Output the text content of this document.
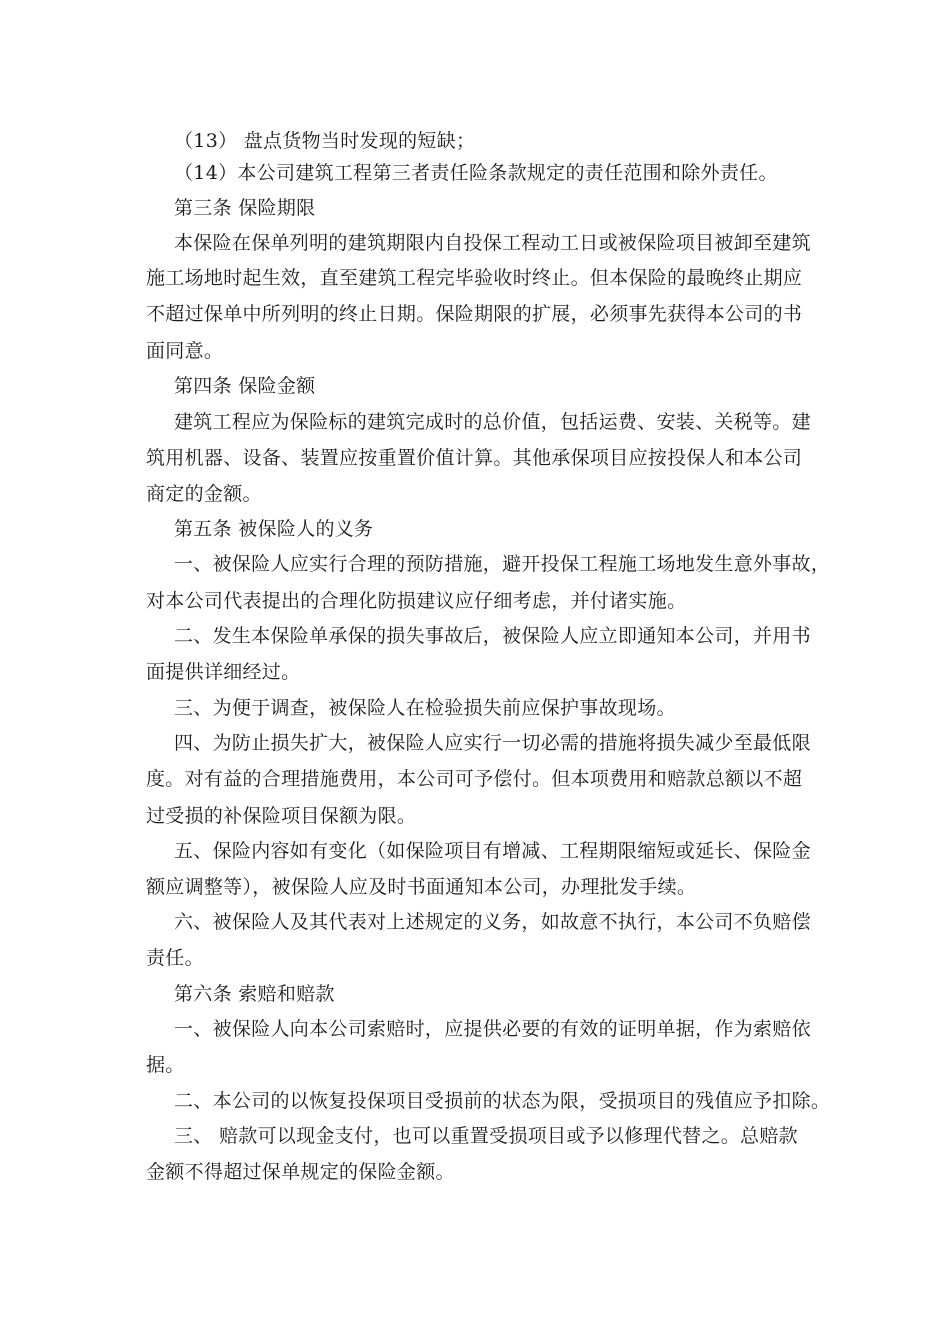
（13） 盘点货物当时发现的短缺；
（14）本公司建筑工程第三者责任险条款规定的责任范围和除外责任。
第三条 保险期限
本保险在保单列明的建筑期限内自投保工程动工日或被保险项目被卸至建筑
施工场地时起生效，直至建筑工程完毕验收时终止。但本保险的最晚终止期应
不超过保单中所列明的终止日期。保险期限的扩展，必须事先获得本公司的书
面同意。
第四条 保险金额
建筑工程应为保险标的建筑完成时的总价值，包括运费、安装、关税等。建
筑用机器、设备、装置应按重置价值计算。其他承保项目应按投保人和本公司
商定的金额。
第五条 被保险人的义务
一、被保险人应实行合理的预防措施，避开投保工程施工场地发生意外事故，
对本公司代表提出的合理化防损建议应仔细考虑，并付诸实施。
二、发生本保险单承保的损失事故后，被保险人应立即通知本公司，并用书
面提供详细经过。
三、为便于调查，被保险人在检验损失前应保护事故现场。
四、为防止损失扩大，被保险人应实行一切必需的措施将损失减少至最低限
度。对有益的合理措施费用，本公司可予偿付。但本项费用和赔款总额以不超
过受损的补保险项目保额为限。
五、保险内容如有变化（如保险项目有增减、工程期限缩短或延长、保险金
额应调整等），被保险人应及时书面通知本公司，办理批发手续。
六、被保险人及其代表对上述规定的义务，如故意不执行，本公司不负赔偿
责任。
第六条 索赔和赔款
一、被保险人向本公司索赔时，应提供必要的有效的证明单据，作为索赔依
据。
二、本公司的以恢复投保项目受损前的状态为限，受损项目的残值应予扣除。
三、 赔款可以现金支付，也可以重置受损项目或予以修理代替之。总赔款
金额不得超过保单规定的保险金额。
